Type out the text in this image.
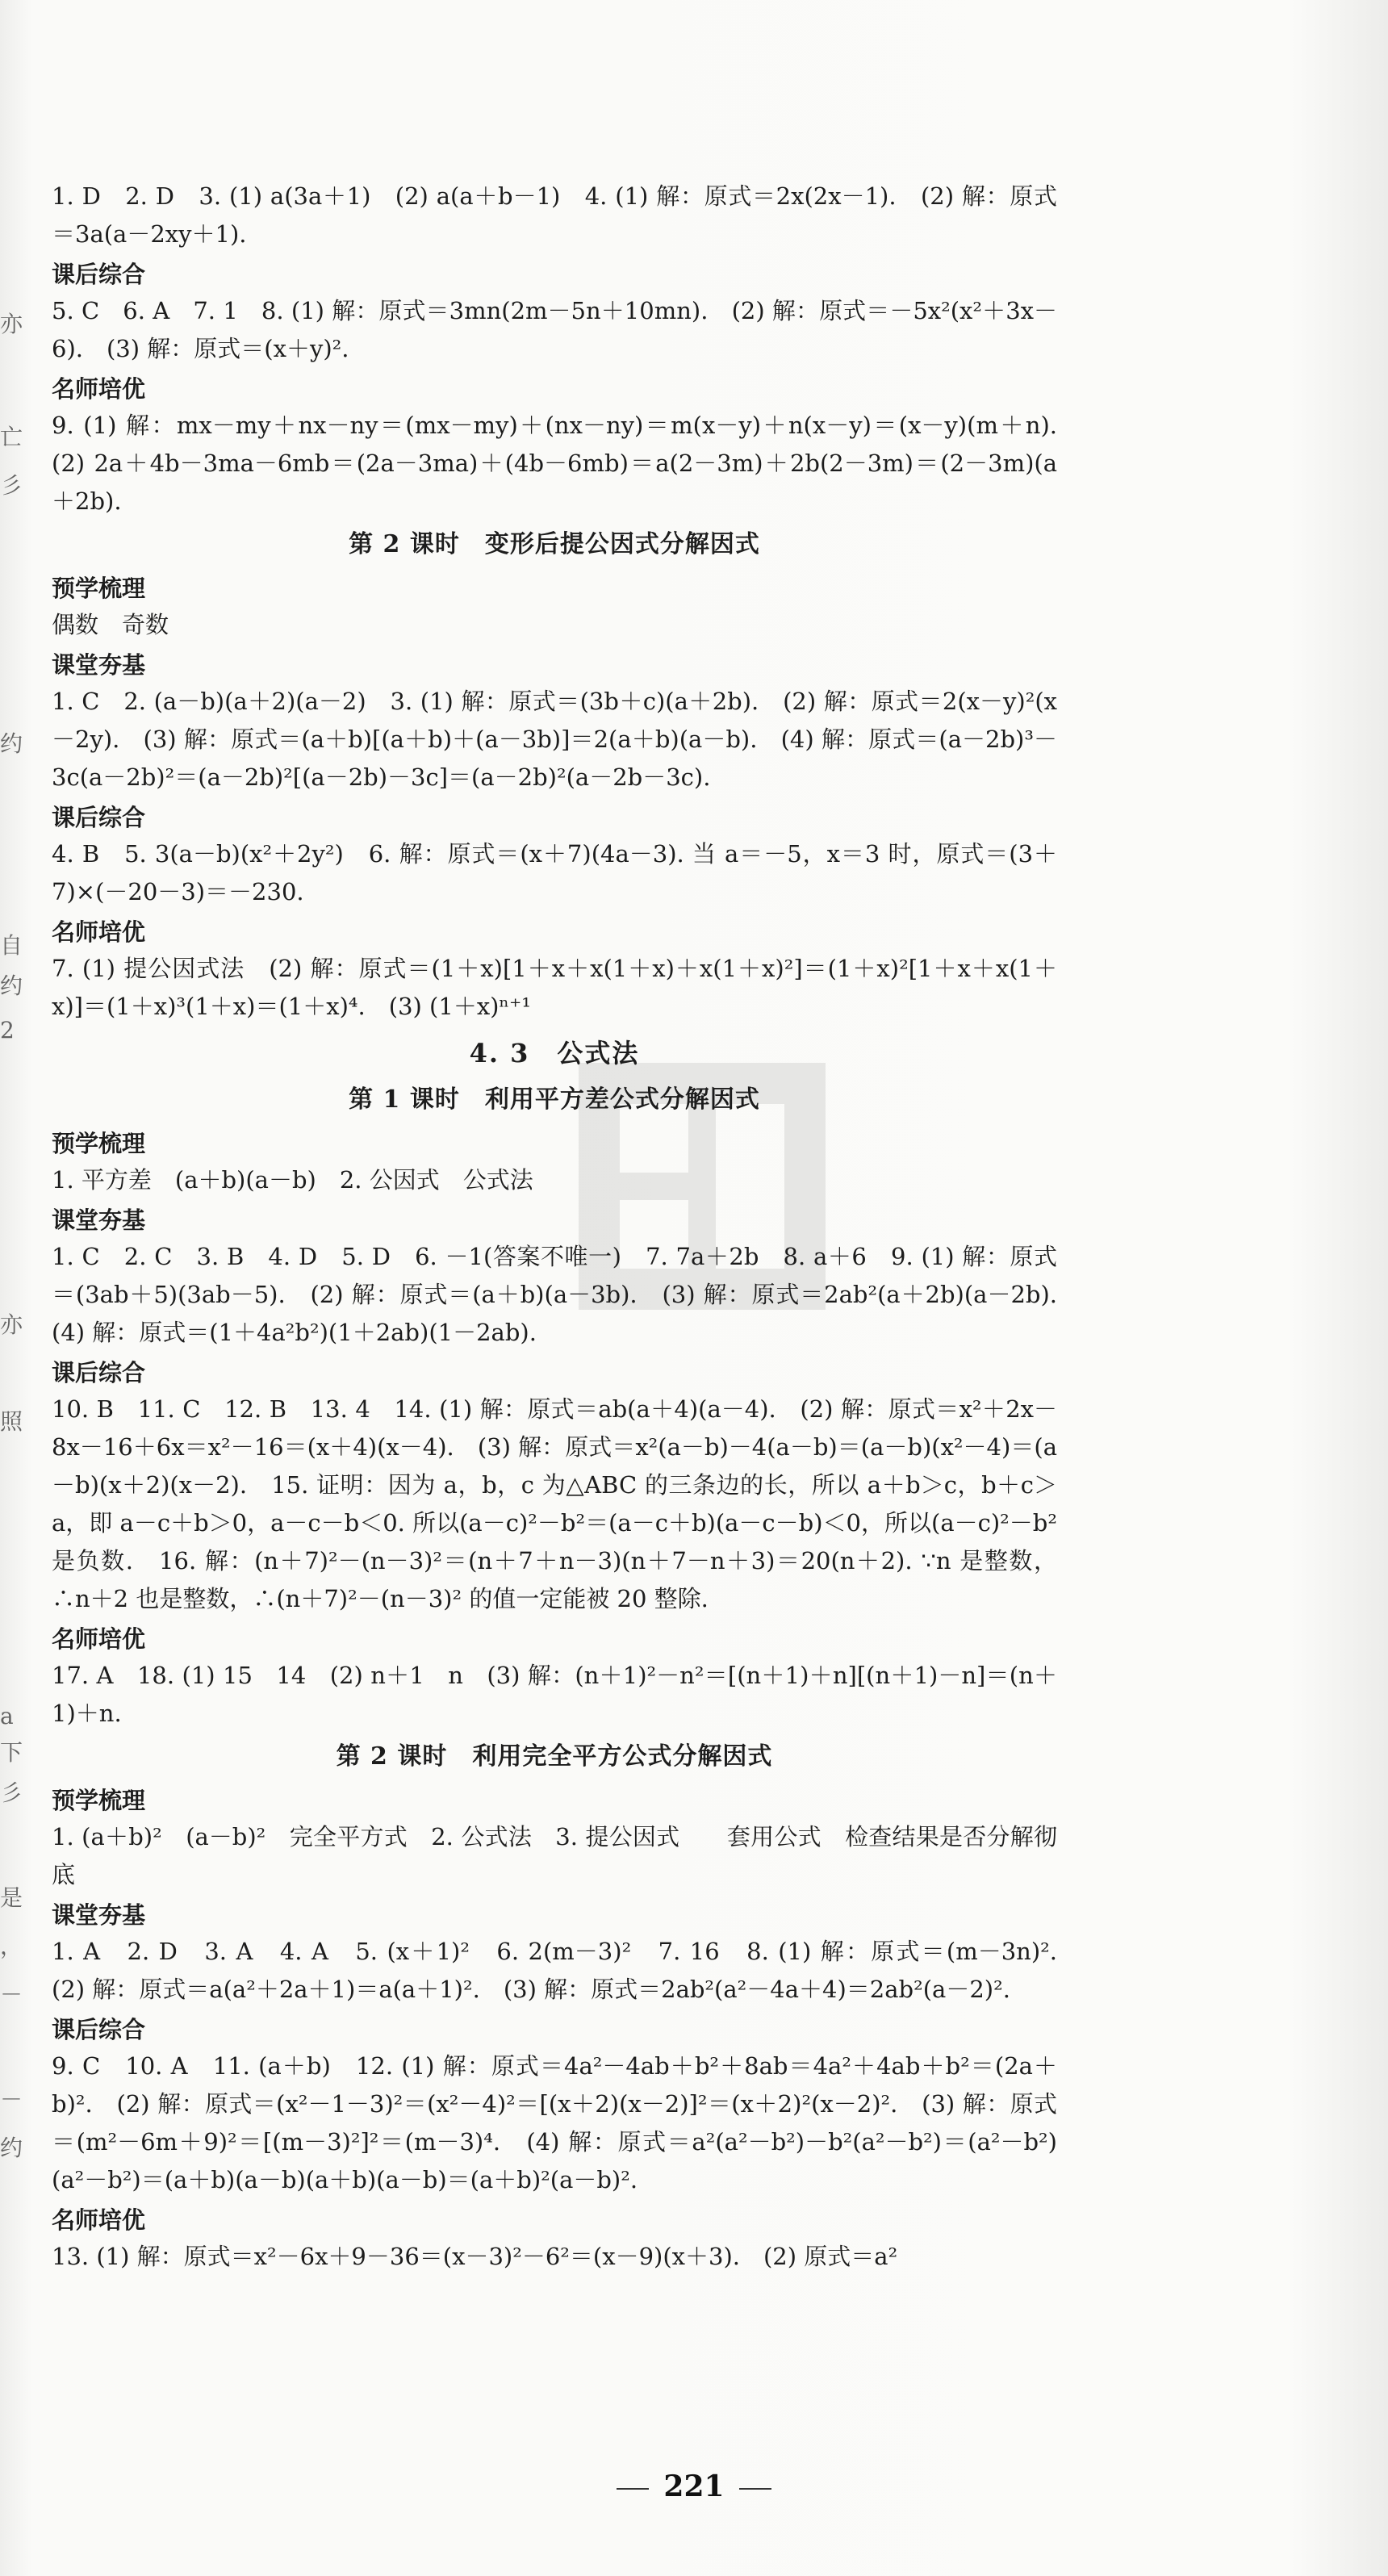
亦
亡
彡
约
自
约
2
亦
照
a
下
彡
是
，
－
－
约

1. D　2. D　3. (1) a(3a＋1)　(2) a(a＋b－1)　4. (1) 解：原式＝2x(2x－1).　(2) 解：原式＝3a(a－2xy＋1).

课后综合

5. C　6. A　7. 1　8. (1) 解：原式＝3mn(2m－5n＋10mn).　(2) 解：原式＝－5x²(x²＋3x－6).　(3) 解：原式＝(x＋y)².

名师培优

9. (1) 解：mx－my＋nx－ny＝(mx－my)＋(nx－ny)＝m(x－y)＋n(x－y)＝(x－y)(m＋n).　(2) 2a＋4b－3ma－6mb＝(2a－3ma)＋(4b－6mb)＝a(2－3m)＋2b(2－3m)＝(2－3m)(a＋2b).

第 2 课时　变形后提公因式分解因式
预学梳理

偶数　奇数

课堂夯基

1. C　2. (a－b)(a＋2)(a－2)　3. (1) 解：原式＝(3b＋c)(a＋2b).　(2) 解：原式＝2(x－y)²(x－2y).　(3) 解：原式＝(a＋b)[(a＋b)＋(a－3b)]＝2(a＋b)(a－b).　(4) 解：原式＝(a－2b)³－3c(a－2b)²＝(a－2b)²[(a－2b)－3c]＝(a－2b)²(a－2b－3c).

课后综合

4. B　5. 3(a－b)(x²＋2y²)　6. 解：原式＝(x＋7)(4a－3). 当 a＝－5，x＝3 时，原式＝(3＋7)×(－20－3)＝－230.

名师培优

7. (1) 提公因式法　(2) 解：原式＝(1＋x)[1＋x＋x(1＋x)＋x(1＋x)²]＝(1＋x)²[1＋x＋x(1＋x)]＝(1＋x)³(1＋x)＝(1＋x)⁴.　(3) (1＋x)ⁿ⁺¹

4. 3　公式法
第 1 课时　利用平方差公式分解因式
预学梳理

1. 平方差　(a＋b)(a－b)　2. 公因式　公式法

课堂夯基

1. C　2. C　3. B　4. D　5. D　6. －1(答案不唯一)　7. 7a＋2b　8. a＋6　9. (1) 解：原式＝(3ab＋5)(3ab－5).　(2) 解：原式＝(a＋b)(a－3b).　(3) 解：原式＝2ab²(a＋2b)(a－2b).　(4) 解：原式＝(1＋4a²b²)(1＋2ab)(1－2ab).

课后综合

10. B　11. C　12. B　13. 4　14. (1) 解：原式＝ab(a＋4)(a－4).　(2) 解：原式＝x²＋2x－8x－16＋6x＝x²－16＝(x＋4)(x－4).　(3) 解：原式＝x²(a－b)－4(a－b)＝(a－b)(x²－4)＝(a－b)(x＋2)(x－2).　15. 证明：因为 a，b，c 为△ABC 的三条边的长，所以 a＋b＞c，b＋c＞a，即 a－c＋b＞0，a－c－b＜0. 所以(a－c)²－b²＝(a－c＋b)(a－c－b)＜0，所以(a－c)²－b² 是负数.　16. 解：(n＋7)²－(n－3)²＝(n＋7＋n－3)(n＋7－n＋3)＝20(n＋2). ∵n 是整数，∴n＋2 也是整数，∴(n＋7)²－(n－3)² 的值一定能被 20 整除.

名师培优

17. A　18. (1) 15　14　(2) n＋1　n　(3) 解：(n＋1)²－n²＝[(n＋1)＋n][(n＋1)－n]＝(n＋1)＋n.

第 2 课时　利用完全平方公式分解因式
预学梳理

1. (a＋b)²　(a－b)²　完全平方式　2. 公式法　3. 提公因式　　套用公式　检查结果是否分解彻底

课堂夯基

1. A　2. D　3. A　4. A　5. (x＋1)²　6. 2(m－3)²　7. 16　8. (1) 解：原式＝(m－3n)².　(2) 解：原式＝a(a²＋2a＋1)＝a(a＋1)².　(3) 解：原式＝2ab²(a²－4a＋4)＝2ab²(a－2)².

课后综合

9. C　10. A　11. (a＋b)　12. (1) 解：原式＝4a²－4ab＋b²＋8ab＝4a²＋4ab＋b²＝(2a＋b)².　(2) 解：原式＝(x²－1－3)²＝(x²－4)²＝[(x＋2)(x－2)]²＝(x＋2)²(x－2)².　(3) 解：原式＝(m²－6m＋9)²＝[(m－3)²]²＝(m－3)⁴.　(4) 解：原式＝a²(a²－b²)－b²(a²－b²)＝(a²－b²)(a²－b²)＝(a＋b)(a－b)(a＋b)(a－b)＝(a＋b)²(a－b)².

名师培优

13. (1) 解：原式＝x²－6x＋9－36＝(x－3)²－6²＝(x－9)(x＋3).　(2) 原式＝a²

221
